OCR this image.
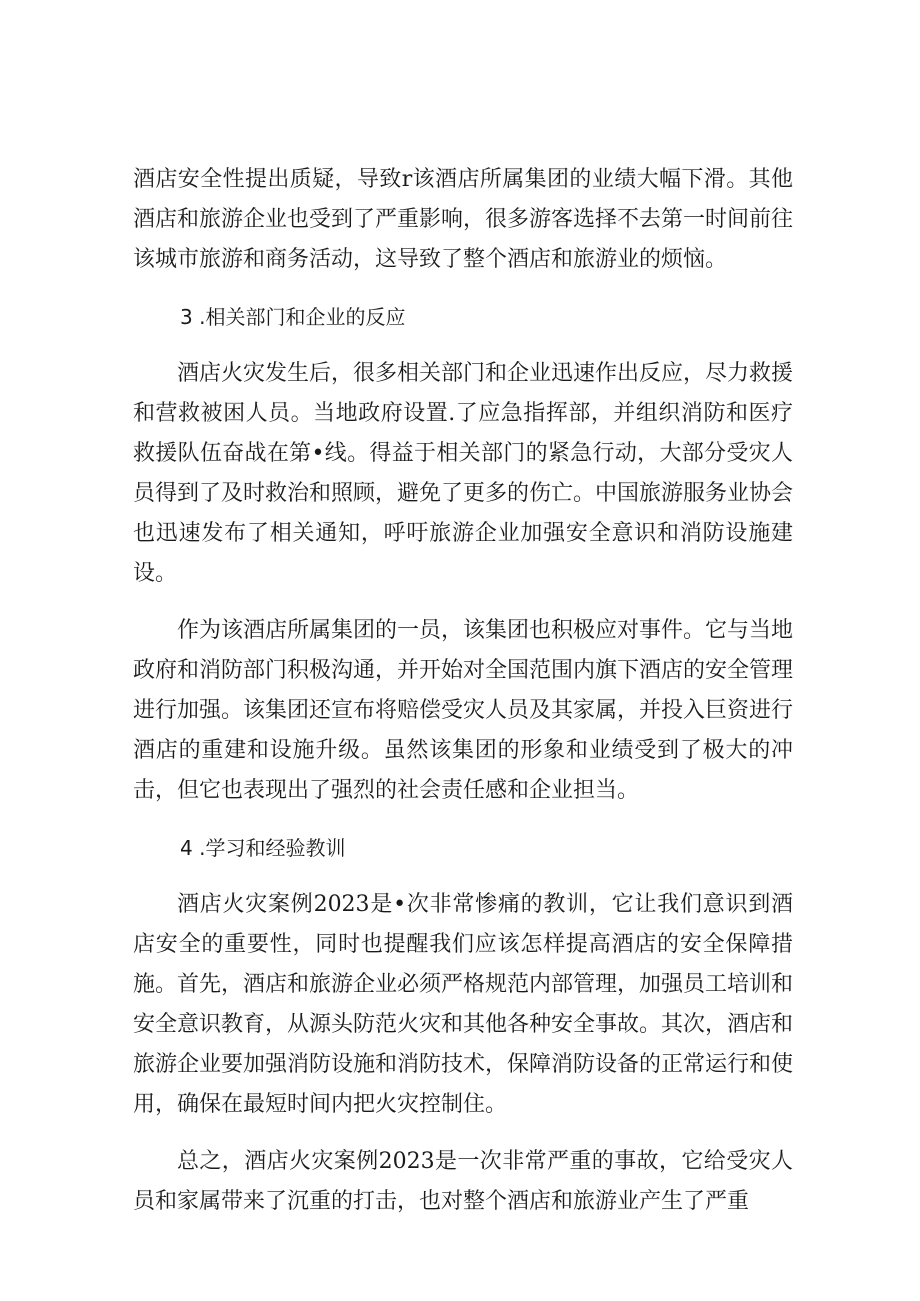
酒店安全性提出质疑，导致r该酒店所属集团的业绩大幅下滑。其他酒店和旅游企业也受到了严重影响，很多游客选择不去第一时间前往该城市旅游和商务活动，这导致了整个酒店和旅游业的烦恼。

3 .相关部门和企业的反应

酒店火灾发生后，很多相关部门和企业迅速作出反应，尽力救援和营救被困人员。当地政府设置.了应急指挥部，并组织消防和医疗救援队伍奋战在第•线。得益于相关部门的紧急行动，大部分受灾人员得到了及时救治和照顾，避免了更多的伤亡。中国旅游服务业协会也迅速发布了相关通知，呼吁旅游企业加强安全意识和消防设施建设。

作为该酒店所属集团的一员，该集团也积极应对事件。它与当地政府和消防部门积极沟通，并开始对全国范围内旗下酒店的安全管理进行加强。该集团还宣布将赔偿受灾人员及其家属，并投入巨资进行酒店的重建和设施升级。虽然该集团的形象和业绩受到了极大的冲击，但它也表现出了强烈的社会责任感和企业担当。

4 .学习和经验教训

酒店火灾案例2023是•次非常惨痛的教训，它让我们意识到酒店安全的重要性，同时也提醒我们应该怎样提高酒店的安全保障措施。首先，酒店和旅游企业必须严格规范内部管理，加强员工培训和安全意识教育，从源头防范火灾和其他各种安全事故。其次，酒店和旅游企业要加强消防设施和消防技术，保障消防设备的正常运行和使用，确保在最短时间内把火灾控制住。

总之，酒店火灾案例2023是一次非常严重的事故，它给受灾人员和家属带来了沉重的打击，也对整个酒店和旅游业产生了严重
